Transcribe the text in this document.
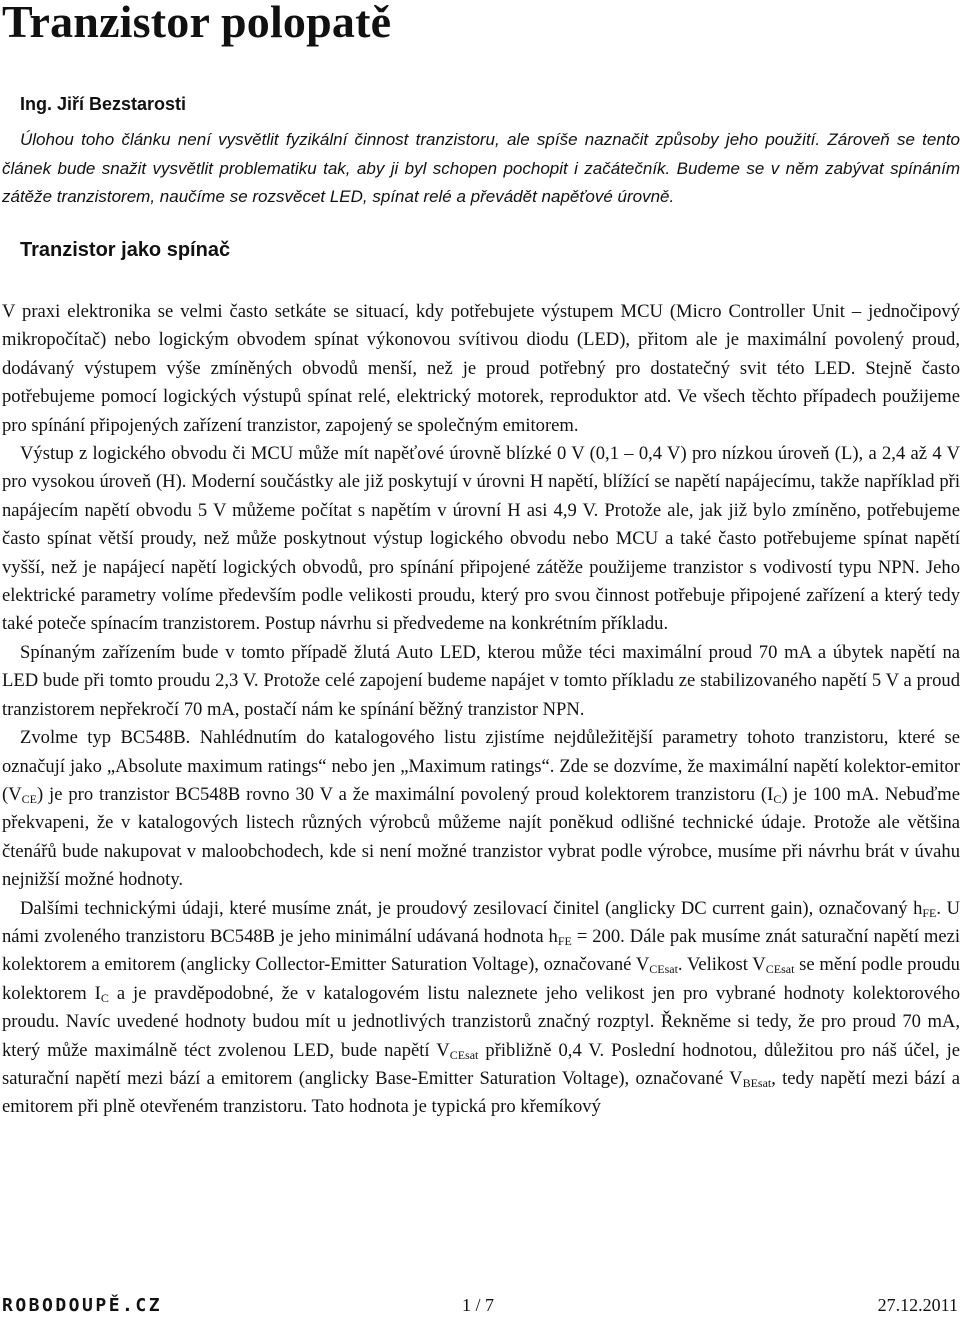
Tranzistor polopatě

Ing. Jiří Bezstarosti

Úlohou toho článku není vysvětlit fyzikální činnost tranzistoru, ale spíše naznačit způsoby jeho použití. Zároveň se tento článek bude snažit vysvětlit problematiku tak, aby ji byl schopen pochopit i začátečník. Budeme se v něm zabývat spínáním zátěže tranzistorem, naučíme se rozsvěcet LED, spínat relé a převádět napěťové úrovně.

Tranzistor jako spínač

V praxi elektronika se velmi často setkáte se situací, kdy potřebujete výstupem MCU (Micro Controller Unit – jednočipový mikropočítač) nebo logickým obvodem spínat výkonovou svítivou diodu (LED), přitom ale je maximální povolený proud, dodávaný výstupem výše zmíněných obvodů menší, než je proud potřebný pro dostatečný svit této LED. Stejně často potřebujeme pomocí logických výstupů spínat relé, elektrický motorek, reproduktor atd. Ve všech těchto případech použijeme pro spínání připojených zařízení tranzistor, zapojený se společným emitorem.

Výstup z logického obvodu či MCU může mít napěťové úrovně blízké 0 V (0,1 – 0,4 V) pro nízkou úroveň (L), a 2,4 až 4 V pro vysokou úroveň (H). Moderní součástky ale již poskytují v úrovni H napětí, blížící se napětí napájecímu, takže například při napájecím napětí obvodu 5 V můžeme počítat s napětím v úrovní H asi 4,9 V. Protože ale, jak již bylo zmíněno, potřebujeme často spínat větší proudy, než může poskytnout výstup logického obvodu nebo MCU a také často potřebujeme spínat napětí vyšší, než je napájecí napětí logických obvodů, pro spínání připojené zátěže použijeme tranzistor s vodivostí typu NPN. Jeho elektrické parametry volíme především podle velikosti proudu, který pro svou činnost potřebuje připojené zařízení a který tedy také poteče spínacím tranzistorem. Postup návrhu si předvedeme na konkrétním příkladu.

Spínaným zařízením bude v tomto případě žlutá Auto LED, kterou může téci maximální proud 70 mA a úbytek napětí na LED bude při tomto proudu 2,3 V. Protože celé zapojení budeme napájet v tomto příkladu ze stabilizovaného napětí 5 V a proud tranzistorem nepřekročí 70 mA, postačí nám ke spínání běžný tranzistor NPN.

Zvolme typ BC548B. Nahlédnutím do katalogového listu zjistíme nejdůležitější parametry tohoto tranzistoru, které se označují jako „Absolute maximum ratings“ nebo jen „Maximum ratings“. Zde se dozvíme, že maximální napětí kolektor-emitor $(V_{CE})$ je pro tranzistor BC548B rovno 30 V a že maximální povolený proud kolektorem tranzistoru $(I_C)$ je 100 mA. Nebuďme překvapeni, že v katalogových listech různých výrobců můžeme najít poněkud odlišné technické údaje. Protože ale většina čtenářů bude nakupovat v maloobchodech, kde si není možné tranzistor vybrat podle výrobce, musíme při návrhu brát v úvahu nejnižší možné hodnoty.

Dalšími technickými údaji, které musíme znát, je proudový zesilovací činitel (anglicky DC current gain), označovaný $h_{FE}$. U námi zvoleného tranzistoru BC548B je jeho minimální udávaná hodnota $h_{FE} = 200$. Dále pak musíme znát saturační napětí mezi kolektorem a emitorem (anglicky Collector-Emitter Saturation Voltage), označované $V_{CEsat}$. Velikost $V_{CEsat}$ se mění podle proudu kolektorem $I_C$ a je pravděpodobné, že v katalogovém listu naleznete jeho velikost jen pro vybrané hodnoty kolektorového proudu. Navíc uvedené hodnoty budou mít u jednotlivých tranzistorů značný rozptyl. Řekněme si tedy, že pro proud 70 mA, který může maximálně téct zvolenou LED, bude napětí $V_{CEsat}$ přibližně 0,4 V. Poslední hodnotou, důležitou pro náš účel, je saturační napětí mezi bází a emitorem (anglicky Base-Emitter Saturation Voltage), označované $V_{BEsat}$, tedy napětí mezi bází a emitorem při plně otevřeném tranzistoru. Tato hodnota je typická pro křemíkový

ROBODOUPĚ.CZ	1 / 7	27.12.2011
